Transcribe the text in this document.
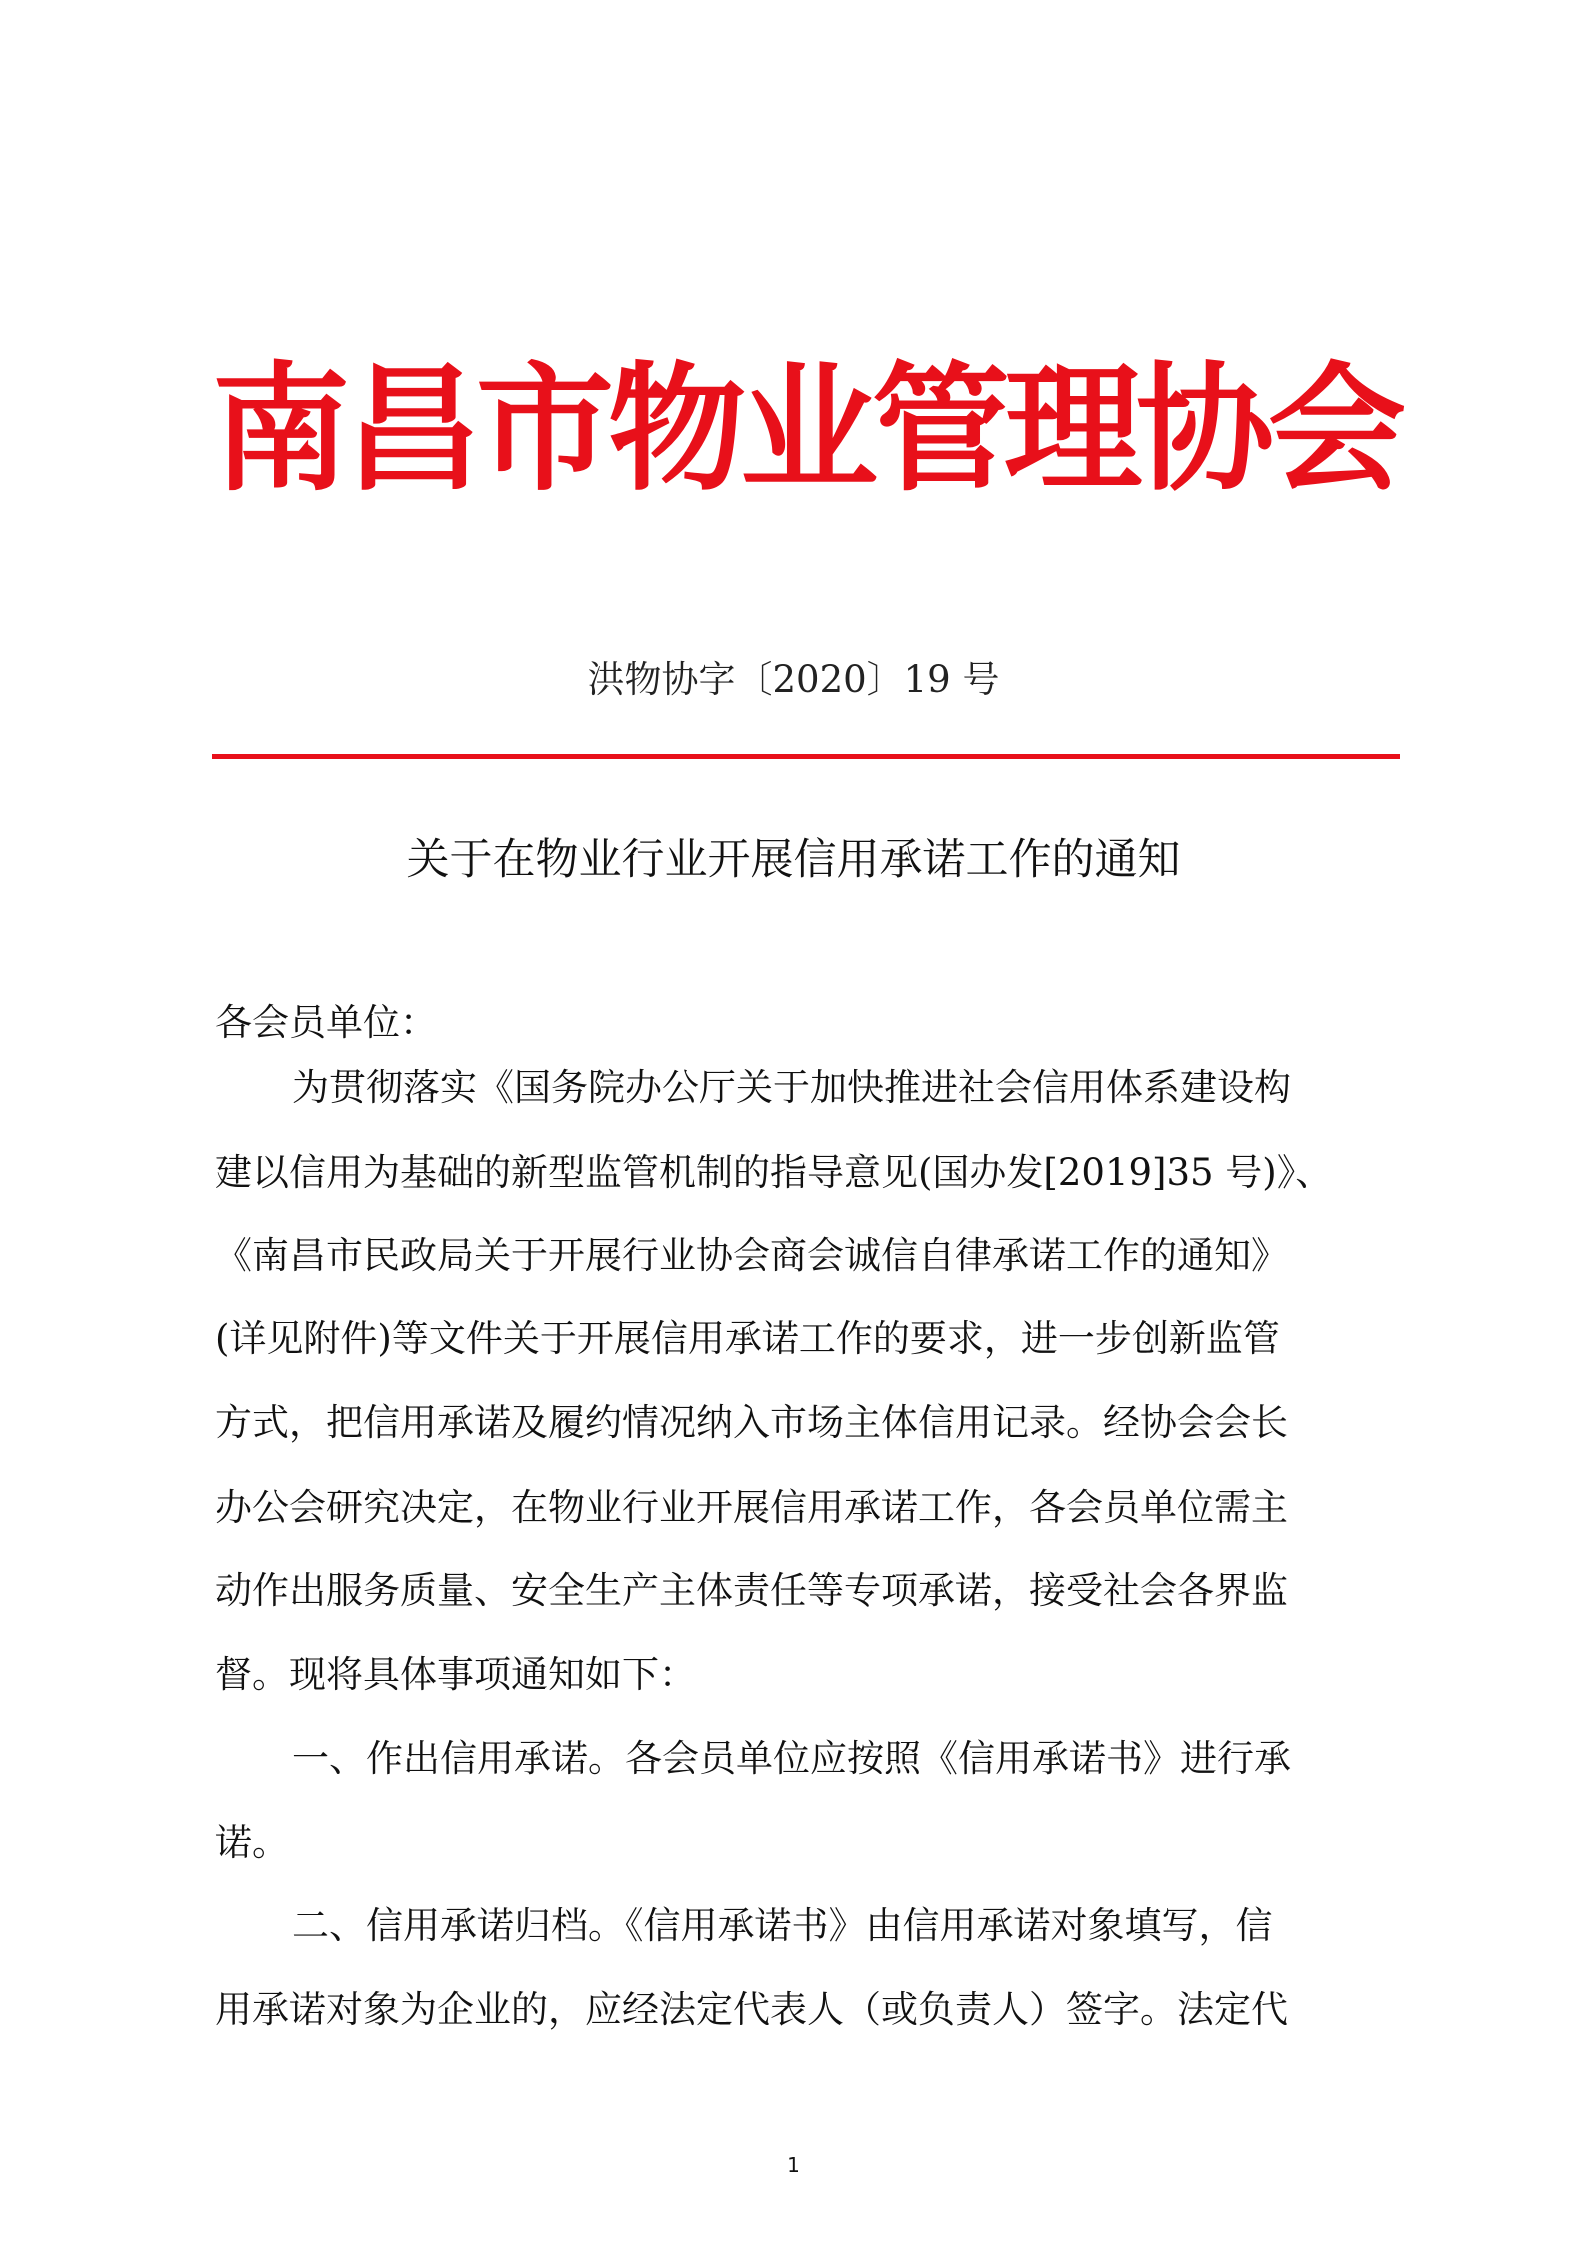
南昌市物业管理协会
洪物协字〔2020〕19 号
关于在物业行业开展信用承诺工作的通知
各会员单位：
为贯彻落实《国务院办公厅关于加快推进社会信用体系建设构
建以信用为基础的新型监管机制的指导意见(国办发[2019]35 号)》、
《南昌市民政局关于开展行业协会商会诚信自律承诺工作的通知》
(详见附件)等文件关于开展信用承诺工作的要求，进一步创新监管
方式，把信用承诺及履约情况纳入市场主体信用记录。经协会会长
办公会研究决定，在物业行业开展信用承诺工作，各会员单位需主
动作出服务质量、安全生产主体责任等专项承诺，接受社会各界监
督。现将具体事项通知如下：
一、作出信用承诺。各会员单位应按照《信用承诺书》进行承
诺。
二、信用承诺归档。《信用承诺书》由信用承诺对象填写，信
用承诺对象为企业的，应经法定代表人（或负责人）签字。法定代
1
